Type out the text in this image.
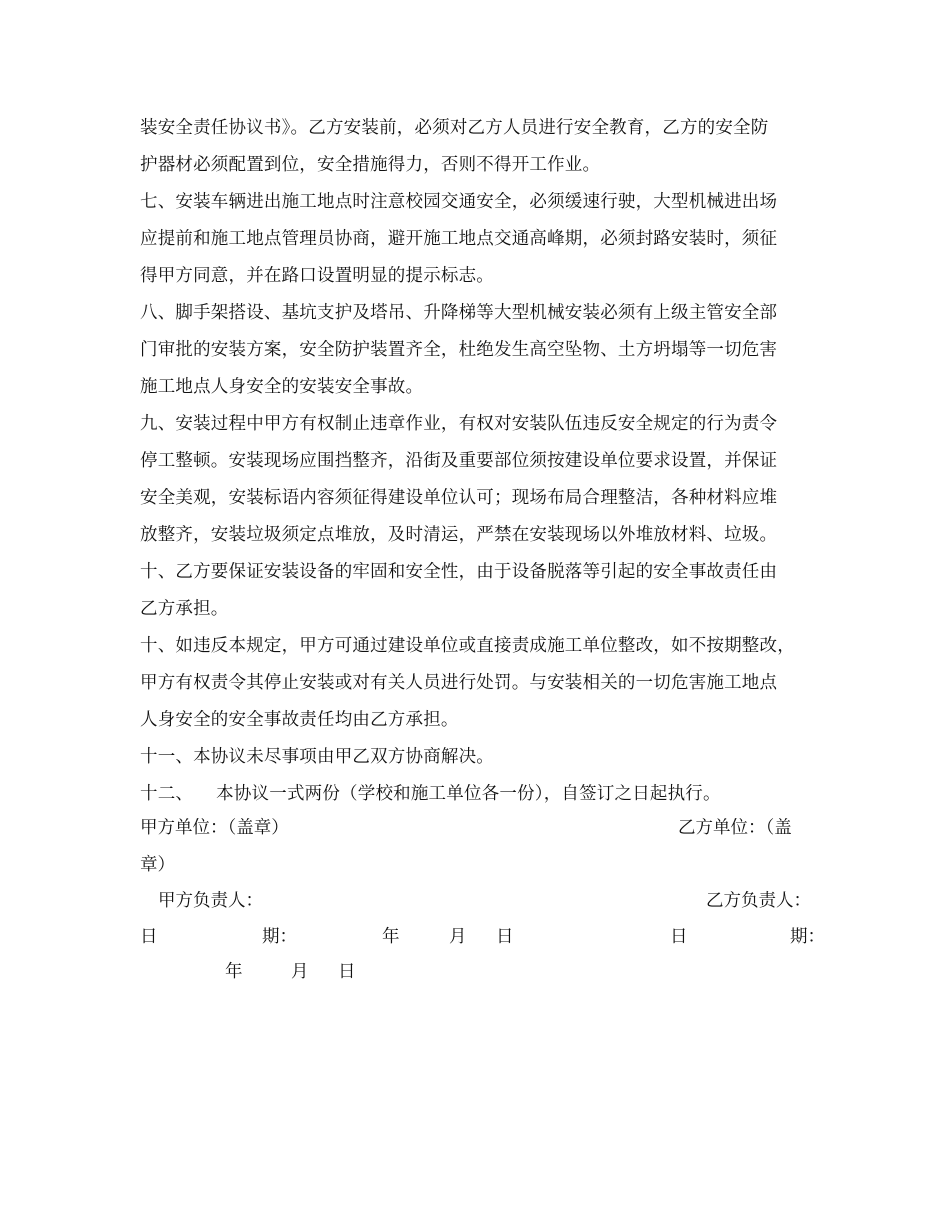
装安全责任协议书》。乙方安装前，必须对乙方人员进行安全教育，乙方的安全防
护器材必须配置到位，安全措施得力，否则不得开工作业。
七、安装车辆进出施工地点时注意校园交通安全，必须缓速行驶，大型机械进出场
应提前和施工地点管理员协商，避开施工地点交通高峰期，必须封路安装时，须征
得甲方同意，并在路口设置明显的提示标志。
八、脚手架搭设、基坑支护及塔吊、升降梯等大型机械安装必须有上级主管安全部
门审批的安装方案，安全防护装置齐全，杜绝发生高空坠物、土方坍塌等一切危害
施工地点人身安全的安装安全事故。
九、安装过程中甲方有权制止违章作业，有权对安装队伍违反安全规定的行为责令
停工整顿。安装现场应围挡整齐，沿街及重要部位须按建设单位要求设置，并保证
安全美观，安装标语内容须征得建设单位认可；现场布局合理整洁，各种材料应堆
放整齐，安装垃圾须定点堆放，及时清运，严禁在安装现场以外堆放材料、垃圾。
十、乙方要保证安装设备的牢固和安全性，由于设备脱落等引起的安全事故责任由
乙方承担。
十、如违反本规定，甲方可通过建设单位或直接责成施工单位整改，如不按期整改，
甲方有权责令其停止安装或对有关人员进行处罚。与安装相关的一切危害施工地点
人身安全的安全事故责任均由乙方承担。
十一、本协议未尽事项由甲乙双方协商解决。
十二、    本协议一式两份（学校和施工单位各一份），自签订之日起执行。
甲方单位：（盖章）	乙方单位：（盖
章）
甲方负责人：	乙方负责人：
日	期：	年	月 日	日	期：
年	月 日
